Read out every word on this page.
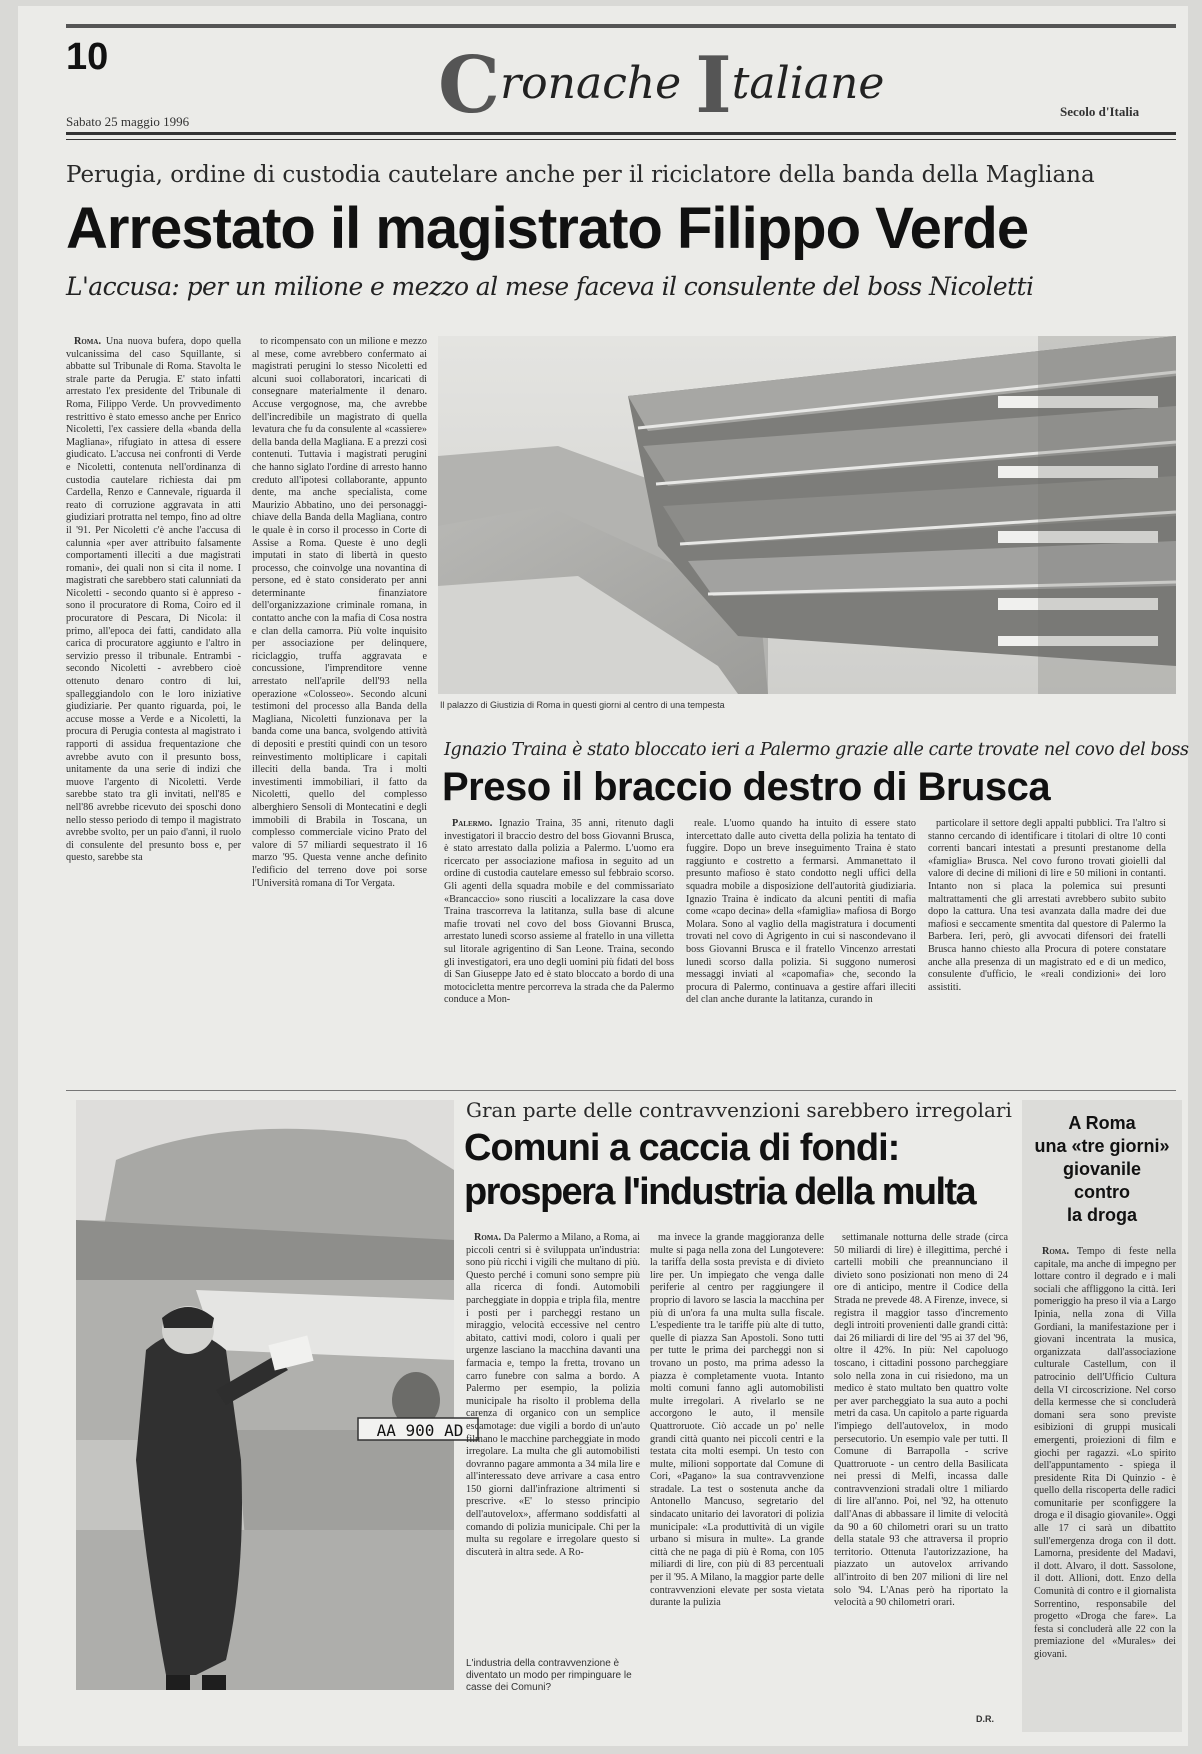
10	Cronache Italiane
Sabato 25 maggio 1996
Secolo d'Italia
Perugia, ordine di custodia cautelare anche per il riciclatore della banda della Magliana
Arrestato il magistrato Filippo Verde
L'accusa: per un milione e mezzo al mese faceva il consulente del boss Nicoletti

Roma. Una nuova bufera, dopo quella vulcanissima del caso Squillante, si abbatte sul Tribunale di Roma. Stavolta le strale parte da Perugia. E' stato infatti arrestato l'ex presidente del Tribunale di Roma, Filippo Verde. Un provvedimento restrittivo è stato emesso anche per Enrico Nicoletti, l'ex cassiere della «banda della Magliana», rifugiato in attesa di essere giudicato. L'accusa nei confronti di Verde e Nicoletti, contenuta nell'ordinanza di custodia cautelare richiesta dai pm Cardella, Renzo e Cannevale, riguarda il reato di corruzione aggravata in atti giudiziari protratta nel tempo, fino ad oltre il '91. Per Nicoletti c'è anche l'accusa di calunnia «per aver attribuito falsamente comportamenti illeciti a due magistrati romani», dei quali non si cita il nome. I magistrati che sarebbero stati calunniati da Nicoletti - secondo quanto si è appreso - sono il procuratore di Roma, Coiro ed il procuratore di Pescara, Di Nicola: il primo, all'epoca dei fatti, candidato alla carica di procuratore aggiunto e l'altro in servizio presso il tribunale. Entrambi - secondo Nicoletti - avrebbero cioè ottenuto denaro contro di lui, spalleggiandolo con le loro iniziative giudiziarie. Per quanto riguarda, poi, le accuse mosse a Verde e a Nicoletti, la procura di Perugia contesta al magistrato i rapporti di assidua frequentazione che avrebbe avuto con il presunto boss, unitamente da una serie di indizi che muove l'argento di Nicoletti. Verde sarebbe stato tra gli invitati, nell'85 e nell'86 avrebbe ricevuto dei sposchi dono nello stesso periodo di tempo il magistrato avrebbe svolto, per un paio d'anni, il ruolo di consulente del presunto boss e, per questo, sarebbe sta

to ricompensato con un milione e mezzo al mese, come avrebbero confermato ai magistrati perugini lo stesso Nicoletti ed alcuni suoi collaboratori, incaricati di consegnare materialmente il denaro. Accuse vergognose, ma, che avrebbe dell'incredibile un magistrato di quella levatura che fu da consulente al «cassiere» della banda della Magliana. E a prezzi così contenuti. Tuttavia i magistrati perugini che hanno siglato l'ordine di arresto hanno creduto all'ipotesi collaborante, appunto dente, ma anche specialista, come Maurizio Abbatino, uno dei personaggi-chiave della Banda della Magliana, contro le quale è in corso il processo in Corte di Assise a Roma. Queste è uno degli imputati in stato di libertà in questo processo, che coinvolge una novantina di persone, ed è stato considerato per anni determinante finanziatore dell'organizzazione criminale romana, in contatto anche con la mafia di Cosa nostra e clan della camorra. Più volte inquisito per associazione per delinquere, riciclaggio, truffa aggravata e concussione, l'imprenditore venne arrestato nell'aprile dell'93 nella operazione «Colosseo». Secondo alcuni testimoni del processo alla Banda della Magliana, Nicoletti funzionava per la banda come una banca, svolgendo attività di depositi e prestiti quindi con un tesoro reinvestimento moltiplicare i capitali illeciti della banda. Tra i molti investimenti immobiliari, il fatto da Nicoletti, quello del complesso alberghiero Sensoli di Montecatini e degli immobili di Brabila in Toscana, un complesso commerciale vicino Prato del valore di 57 miliardi sequestrato il 16 marzo '95. Questa venne anche definito l'edificio del terreno dove poi sorse l'Università romana di Tor Vergata.

Il palazzo di Giustizia di Roma in questi giorni al centro di una tempesta
Ignazio Traina è stato bloccato ieri a Palermo grazie alle carte trovate nel covo del boss
Preso il braccio destro di Brusca

Palermo. Ignazio Traina, 35 anni, ritenuto dagli investigatori il braccio destro del boss Giovanni Brusca, è stato arrestato dalla polizia a Palermo. L'uomo era ricercato per associazione mafiosa in seguito ad un ordine di custodia cautelare emesso sul febbraio scorso. Gli agenti della squadra mobile e del commissariato «Brancaccio» sono riusciti a localizzare la casa dove Traina trascorreva la latitanza, sulla base di alcune mafie trovati nel covo del boss Giovanni Brusca, arrestato lunedì scorso assieme al fratello in una villetta sul litorale agrigentino di San Leone. Traina, secondo gli investigatori, era uno degli uomini più fidati del boss di San Giuseppe Jato ed è stato bloccato a bordo di una motocicletta mentre percorreva la strada che da Palermo conduce a Mon-

reale. L'uomo quando ha intuito di essere stato intercettato dalle auto civetta della polizia ha tentato di fuggire. Dopo un breve inseguimento Traina è stato raggiunto e costretto a fermarsi. Ammanettato il presunto mafioso è stato condotto negli uffici della squadra mobile a disposizione dell'autorità giudiziaria. Ignazio Traina è indicato da alcuni pentiti di mafia come «capo decina» della «famiglia» mafiosa di Borgo Molara. Sono al vaglio della magistratura i documenti trovati nel covo di Agrigento in cui si nascondevano il boss Giovanni Brusca e il fratello Vincenzo arrestati lunedì scorso dalla polizia. Si suggono numerosi messaggi inviati al «capomafia» che, secondo la procura di Palermo, continuava a gestire affari illeciti del clan anche durante la latitanza, curando in

particolare il settore degli appalti pubblici. Tra l'altro si stanno cercando di identificare i titolari di oltre 10 conti correnti bancari intestati a presunti prestanome della «famiglia» Brusca. Nel covo furono trovati gioielli dal valore di decine di milioni di lire e 50 milioni in contanti. Intanto non si placa la polemica sui presunti maltrattamenti che gli arrestati avrebbero subìto subito dopo la cattura. Una tesi avanzata dalla madre dei due mafiosi e seccamente smentita dal questore di Palermo la Barbera. Ieri, però, gli avvocati difensori dei fratelli Brusca hanno chiesto alla Procura di potere constatare anche alla presenza di un magistrato ed e di un medico, consulente d'ufficio, le «reali condizioni» dei loro assistiti.

AA 900 AD
Gran parte delle contravvenzioni sarebbero irregolari
Comuni a caccia di fondi:
prospera l'industria della multa

Roma. Da Palermo a Milano, a Roma, ai piccoli centri si è sviluppata un'industria: sono più ricchi i vigili che multano di più. Questo perché i comuni sono sempre più alla ricerca di fondi. Automobili parcheggiate in doppia e tripla fila, mentre i posti per i parcheggi restano un miraggio, velocità eccessive nel centro abitato, cattivi modi, coloro i quali per urgenze lasciano la macchina davanti una farmacia e, tempo la fretta, trovano un carro funebre con salma a bordo. A Palermo per esempio, la polizia municipale ha risolto il problema della carenza di organico con un semplice escamotage: due vigili a bordo di un'auto filmano le macchine parcheggiate in modo irregolare. La multa che gli automobilisti dovranno pagare ammonta a 34 mila lire e all'interessato deve arrivare a casa entro 150 giorni dall'infrazione altrimenti si prescrive. «E' lo stesso principio dell'autovelox», affermano soddisfatti al comando di polizia municipale. Chi per la multa su regolare e irregolare questo si discuterà in altra sede. A Ro-

L'industria della contravvenzione è diventato un modo per rimpinguare le casse dei Comuni?

ma invece la grande maggioranza delle multe si paga nella zona del Lungotevere: la tariffa della sosta prevista e di divieto lire per. Un impiegato che venga dalle periferie al centro per raggiungere il proprio di lavoro se lascia la macchina per più di un'ora fa una multa sulla fiscale. L'espediente tra le tariffe più alte di tutto, quelle di piazza San Apostoli. Sono tutti per tutte le prima dei parcheggi non si trovano un posto, ma prima adesso la piazza è completamente vuota. Intanto molti comuni fanno agli automobilisti multe irregolari. A rivelarlo se ne accorgono le auto, il mensile Quattroruote. Ciò accade un po' nelle grandi città quanto nei piccoli centri e la testata cita molti esempi. Un testo con multe, milioni sopportate dal Comune di Cori, «Pagano» la sua contravvenzione stradale. La test o sostenuta anche da Antonello Mancuso, segretario del sindacato unitario dei lavoratori di polizia municipale: «La produttività di un vigile urbano si misura in multe». La grande città che ne paga di più è Roma, con 105 miliardi di lire, con più di 83 percentuali per il '95. A Milano, la maggior parte delle contravvenzioni elevate per sosta vietata durante la pulizia

settimanale notturna delle strade (circa 50 miliardi di lire) è illegittima, perché i cartelli mobili che preannunciano il divieto sono posizionati non meno di 24 ore di anticipo, mentre il Codice della Strada ne prevede 48. A Firenze, invece, si registra il maggior tasso d'incremento degli introiti provenienti dalle grandi città: dai 26 miliardi di lire del '95 ai 37 del '96, oltre il 42%. In più: Nel capoluogo toscano, i cittadini possono parcheggiare solo nella zona in cui risiedono, ma un medico è stato multato ben quattro volte per aver parcheggiato la sua auto a pochi metri da casa. Un capitolo a parte riguarda l'impiego dell'autovelox, in modo persecutorio. Un esempio vale per tutti. Il Comune di Barrapolla - scrive Quattroruote - un centro della Basilicata nei pressi di Melfi, incassa dalle contravvenzioni stradali oltre 1 miliardo di lire all'anno. Poi, nel '92, ha ottenuto dall'Anas di abbassare il limite di velocità da 90 a 60 chilometri orari su un tratto della statale 93 che attraversa il proprio territorio. Ottenuta l'autorizzazione, ha piazzato un autovelox arrivando all'introito di ben 207 milioni di lire nel solo '94. L'Anas però ha riportato la velocità a 90 chilometri orari.

D.R.
A Roma
una «tre giorni»
giovanile
contro
la droga

Roma. Tempo di feste nella capitale, ma anche di impegno per lottare contro il degrado e i mali sociali che affliggono la città. Ieri pomeriggio ha preso il via a Largo Ipinia, nella zona di Villa Gordiani, la manifestazione per i giovani incentrata la musica, organizzata dall'associazione culturale Castellum, con il patrocinio dell'Ufficio Cultura della VI circoscrizione. Nel corso della kermesse che si concluderà domani sera sono previste esibizioni di gruppi musicali emergenti, proiezioni di film e giochi per ragazzi. «Lo spirito dell'appuntamento - spiega il presidente Rita Di Quinzio - è quello della riscoperta delle radici comunitarie per sconfiggere la droga e il disagio giovanile». Oggi alle 17 ci sarà un dibattito sull'emergenza droga con il dott. Lamorna, presidente del Madavi, il dott. Alvaro, il dott. Sassolone, il dott. Allioni, dott. Enzo della Comunità di contro e il giornalista Sorrentino, responsabile del progetto «Droga che fare». La festa si concluderà alle 22 con la premiazione del «Murales» dei giovani.
